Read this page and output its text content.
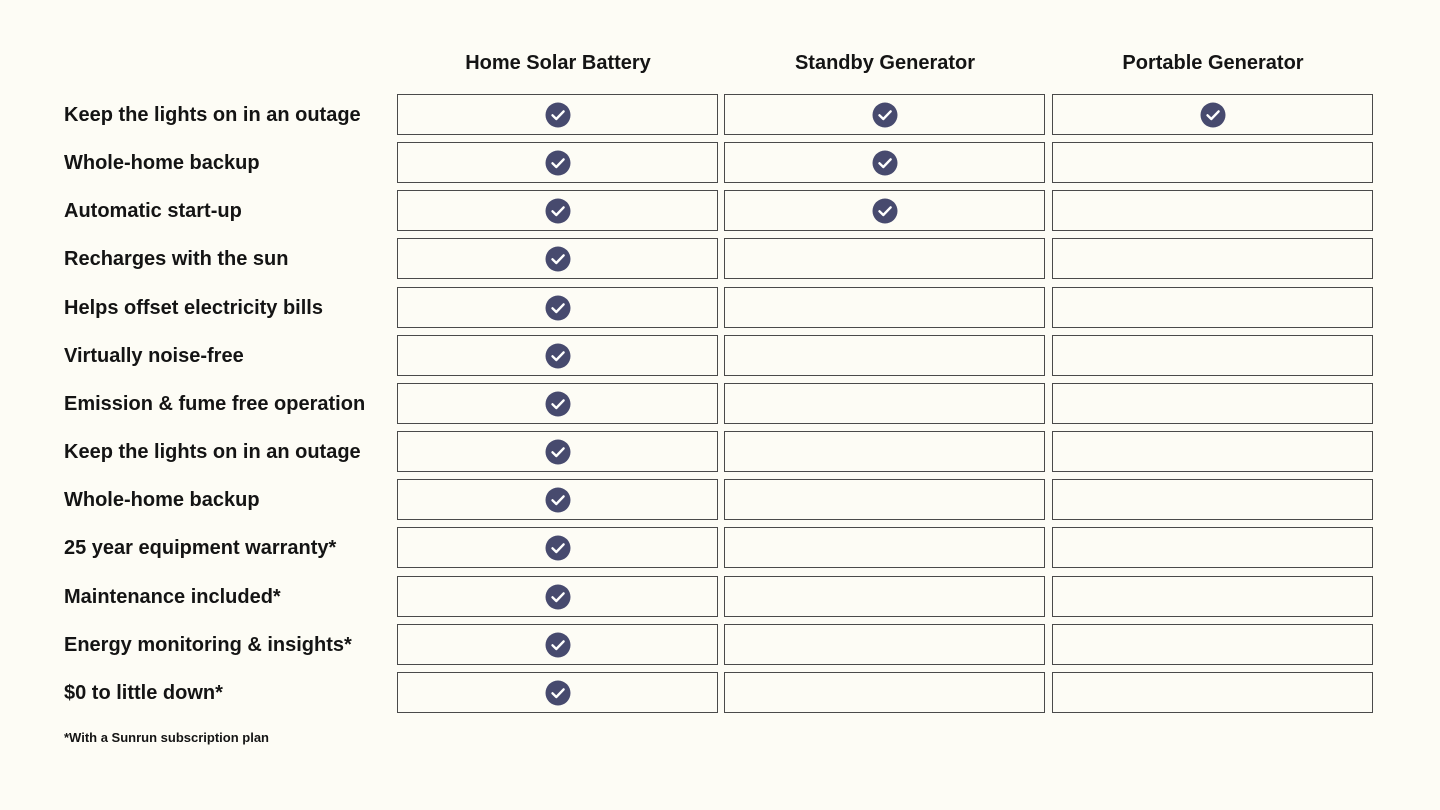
Home Solar Battery	Standby Generator	Portable Generator
Keep the lights on in an outage
Whole-home backup
Automatic start-up
Recharges with the sun
Helps offset electricity bills
Virtually noise-free
Emission & fume free operation
Keep the lights on in an outage
Whole-home backup
25 year equipment warranty*
Maintenance included*
Energy monitoring & insights*
$0 to little down*
*With a Sunrun subscription plan
